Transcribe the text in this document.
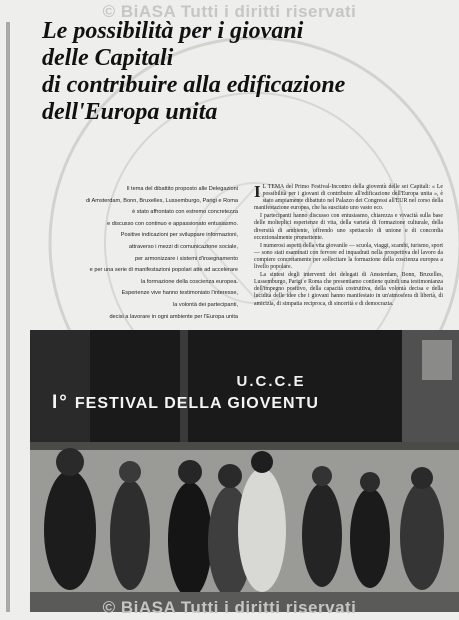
© BiASA Tutti i diritti riservati
Le possibilità per i giovani
delle Capitali
di contribuire alla edificazione
dell'Europa unita
Il tema del dibattito proposto alle Delegazioni
di Amsterdam, Bonn, Bruxelles, Lussemburgo, Parigi e Roma
è stato affrontato con estremo concretezza
e discusso con continuo e appassionato entusiasmo.
Positive indicazioni per sviluppare informazioni,
attraverso i mezzi di comunicazione sociale,
per armonizzare i sistemi d'insegnamento
e per una serie di manifestazioni popolari atte ad accelerare
la formazione della coscienza europea.
Esperienze vive hanno testimoniato l'interesse,
la volontà dei partecipanti,
decisi a lavorare in ogni ambiente per l'Europa unita

I L TEMA del Primo Festival-Incontro della gioventù delle sei Capitali: « Le possibilità per i giovani di contribuire all'edificazione dell'Europa unita », è stato ampiamente dibattuto nel Palazzo dei Congressi all'EUR nel corso della manifestazione europea, che ha suscitato uno vasto eco.

I partecipanti hanno discusso con entusiasmo, chiarezza e vivacità sulla base delle molteplici esperienze di vita, della varietà di formazione culturale, della diversità di ambiente, offrendo uno spettacolo di unione e di concordia eccezionalmente promettente.

I numerosi aspetti della vita giovanile — scuola, viaggi, scambi, turismo, sport — sono stati esaminati con fervore ed inquadrati nella prospettiva del lavoro da compiere concretamente per sollecitare la formazione della coscienza europea a livello popolare.

La sintesi degli interventi dei delegati di Amsterdam, Bonn, Bruxelles, Lussemburgo, Parigi e Roma che presentiamo contiene quindi una testimonianza dell'impegno positivo, della capacità costruttiva, della volontà decisa e della lucidità delle idee che i giovani hanno manifestato in un'atmosfera di libertà, di amicizia, di simpatia reciproca, di sincerità e di democrazia.

U.C.C.E
I° FESTIVAL DELLA GIOVENTU
© BiASA Tutti i diritti riservati
